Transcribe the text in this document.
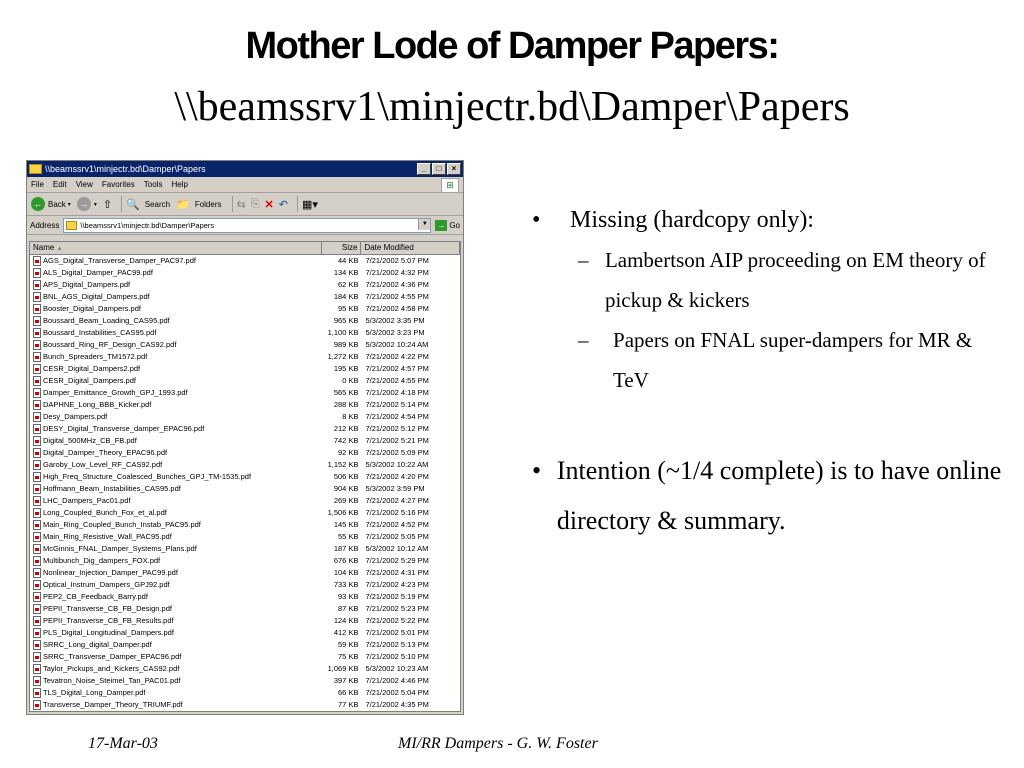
Mother Lode of Damper Papers:
\\beamssrv1\minjectr.bd\Damper\Papers
\\beamssrv1\minjectr.bd\Damper\Papers	_	□	×
File Edit View Favorites Tools Help	⊞
← Back ▾ → ▾ ⇧ 🔍 Search 📁 Folders ⇆ ⎘ ✕ ↶ ▦▾
Address	\\beamssrv1\minjectr.bd\Damper\Papers	▼	→ Go
Name ▲	Size Date Modified
AGS_Digital_Transverse_Damper_PAC97.pdf	44 KB 7/21/2002 5:07 PM
ALS_Digital_Damper_PAC99.pdf	134 KB 7/21/2002 4:32 PM
APS_Digital_Dampers.pdf	62 KB 7/21/2002 4:36 PM
BNL_AGS_Digital_Dampers.pdf	184 KB 7/21/2002 4:55 PM
Booster_Digital_Dampers.pdf	95 KB 7/21/2002 4:58 PM
Boussard_Beam_Loading_CAS95.pdf	965 KB 5/3/2002 3:35 PM
Boussard_Instabilities_CAS95.pdf	1,100 KB 5/3/2002 3:23 PM
Boussard_Ring_RF_Design_CAS92.pdf	989 KB 5/3/2002 10:24 AM
Bunch_Spreaders_TM1572.pdf	1,272 KB 7/21/2002 4:22 PM
CESR_Digital_Dampers2.pdf	195 KB 7/21/2002 4:57 PM
CESR_Digital_Dampers.pdf	0 KB 7/21/2002 4:55 PM
Damper_Emittance_Growth_GPJ_1993.pdf	565 KB 7/21/2002 4:18 PM
DAPHNE_Long_BBB_Kicker.pdf	288 KB 7/21/2002 5:14 PM
Desy_Dampers.pdf	8 KB 7/21/2002 4:54 PM
DESY_Digital_Transverse_damper_EPAC96.pdf	212 KB 7/21/2002 5:12 PM
Digital_500MHz_CB_FB.pdf	742 KB 7/21/2002 5:21 PM
Digital_Damper_Theory_EPAC96.pdf	92 KB 7/21/2002 5:09 PM
Garoby_Low_Level_RF_CAS92.pdf	1,152 KB 5/3/2002 10:22 AM
High_Freq_Structure_Coalesced_Bunches_GPJ_TM-1535.pdf	506 KB 7/21/2002 4:20 PM
Hoffmann_Beam_Instabilities_CAS95.pdf	904 KB 5/3/2002 3:59 PM
LHC_Dampers_Pac01.pdf	269 KB 7/21/2002 4:27 PM
Long_Coupled_Bunch_Fox_et_al.pdf	1,506 KB 7/21/2002 5:16 PM
Main_Ring_Coupled_Bunch_Instab_PAC95.pdf	145 KB 7/21/2002 4:52 PM
Main_Ring_Resistive_Wall_PAC95.pdf	55 KB 7/21/2002 5:05 PM
McGinnis_FNAL_Damper_Systems_Plans.pdf	187 KB 5/3/2002 10:12 AM
Multibunch_Dig_dampers_FOX.pdf	676 KB 7/21/2002 5:29 PM
Nonlinear_Injection_Damper_PAC99.pdf	104 KB 7/21/2002 4:31 PM
Optical_Instrum_Dampers_GPJ92.pdf	733 KB 7/21/2002 4:23 PM
PEP2_CB_Feedback_Barry.pdf	93 KB 7/21/2002 5:19 PM
PEPII_Transverse_CB_FB_Design.pdf	87 KB 7/21/2002 5:23 PM
PEPII_Transverse_CB_FB_Results.pdf	124 KB 7/21/2002 5:22 PM
PLS_Digital_Longitudinal_Dampers.pdf	412 KB 7/21/2002 5:01 PM
SRRC_Long_digital_Damper.pdf	59 KB 7/21/2002 5:13 PM
SRRC_Transverse_Damper_EPAC96.pdf	75 KB 7/21/2002 5:10 PM
Taylor_Pickups_and_Kickers_CAS92.pdf	1,069 KB 5/3/2002 10:23 AM
Tevatron_Noise_Steimel_Tan_PAC01.pdf	397 KB 7/21/2002 4:46 PM
TLS_Digital_Long_Damper.pdf	66 KB 7/21/2002 5:04 PM
Transverse_Damper_Theory_TRIUMF.pdf	77 KB 7/21/2002 4:35 PM
•	Missing (hardcopy only):
– Lambertson AIP proceeding on EM theory of pickup & kickers
–	Papers on FNAL super-dampers for MR & TeV
• Intention (~1/4 complete) is to have online directory & summary.
17-Mar-03	MI/RR Dampers - G. W. Foster
